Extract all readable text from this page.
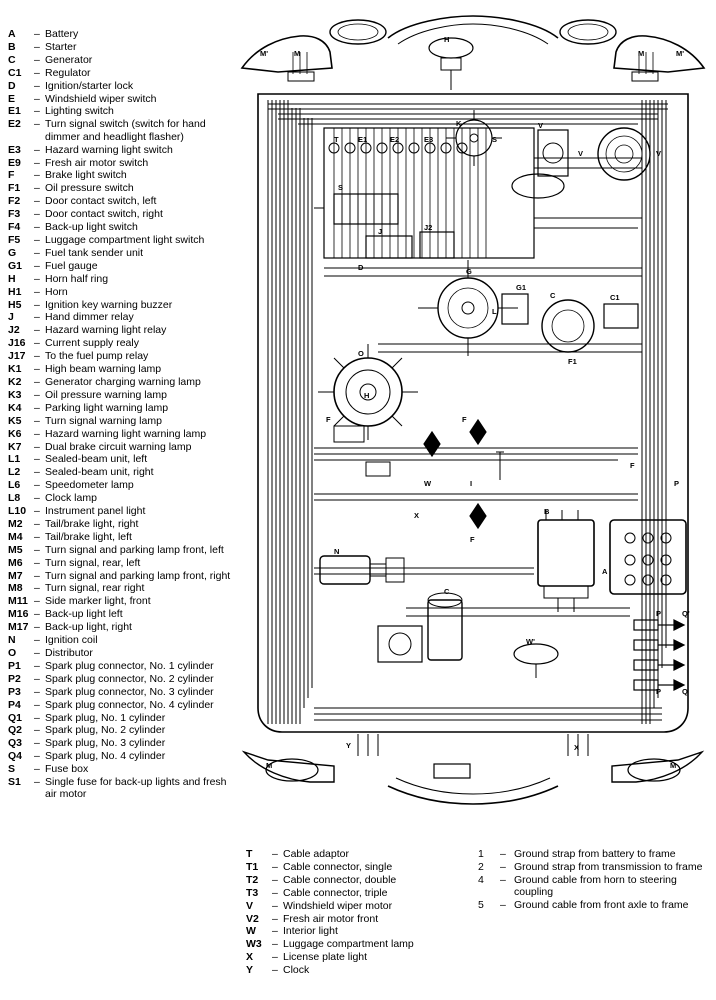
A	– Battery
B	– Starter
C	– Generator
C1	– Regulator
D	– Ignition/starter lock
E	– Windshield wiper switch
E1	– Lighting switch
E2	– Turn signal switch (switch for hand dimmer and headlight flasher)
E3	– Hazard warning light switch
E9	– Fresh air motor switch
F	– Brake light switch
F1	– Oil pressure switch
F2	– Door contact switch, left
F3	– Door contact switch, right
F4	– Back-up light switch
F5	– Luggage compartment light switch
G	– Fuel tank sender unit
G1	– Fuel gauge
H	– Horn half ring
H1	– Horn
H5	– Ignition key warning buzzer
J	– Hand dimmer relay
J2	– Hazard warning light relay
J16 – Current supply realy
J17 – To the fuel pump relay
K1	– High beam warning lamp
K2	– Generator charging warning lamp
K3	– Oil pressure warning lamp
K4	– Parking light warning lamp
K5	– Turn signal warning lamp
K6	– Hazard warning light warning lamp
K7	– Dual brake circuit warning lamp
L1	– Sealed-beam unit, left
L2	– Sealed-beam unit, right
L6	– Speedometer lamp
L8	– Clock lamp
L10 – Instrument panel light
M2	– Tail/brake light, right
M4	– Tail/brake light, left
M5	– Turn signal and parking lamp front, left
M6	– Turn signal, rear, left
M7	– Turn signal and parking lamp front, right
M8	– Turn signal, rear right
M11 – Side marker light, front
M16 – Back-up light left
M17 – Back-up light, right
N	– Ignition coil
O	– Distributor
P1	– Spark plug connector, No. 1 cylinder
P2	– Spark plug connector, No. 2 cylinder
P3	– Spark plug connector, No. 3 cylinder
P4	– Spark plug connector, No. 4 cylinder
Q1	– Spark plug, No. 1 cylinder
Q2	– Spark plug, No. 2 cylinder
Q3	– Spark plug, No. 3 cylinder
Q4	– Spark plug, No. 4 cylinder
S	– Fuse box
S1	– Single fuse for back-up lights and fresh air motor
M'	M	M	M'
H
T	E1	E2	E3
K
S
S
J	J2
D
V
V	V'
G1
C	C1
G
L
O
H
F1
F	F
I
W
X
F
F
P
N
C
B
A
W'
P'	Q'
P	Q
Y	X
M	M
T	– Cable adaptor
T1	– Cable connector, single
T2	– Cable connector, double
T3	– Cable connector, triple
V	– Windshield wiper motor
V2	– Fresh air motor front
W	– Interior light
W3 – Luggage compartment lamp
X	– License plate light
Y	– Clock
1	– Ground strap from battery to frame
2	– Ground strap from transmission to frame
4	– Ground cable from horn to steering coupling
5	– Ground cable from front axle to frame
